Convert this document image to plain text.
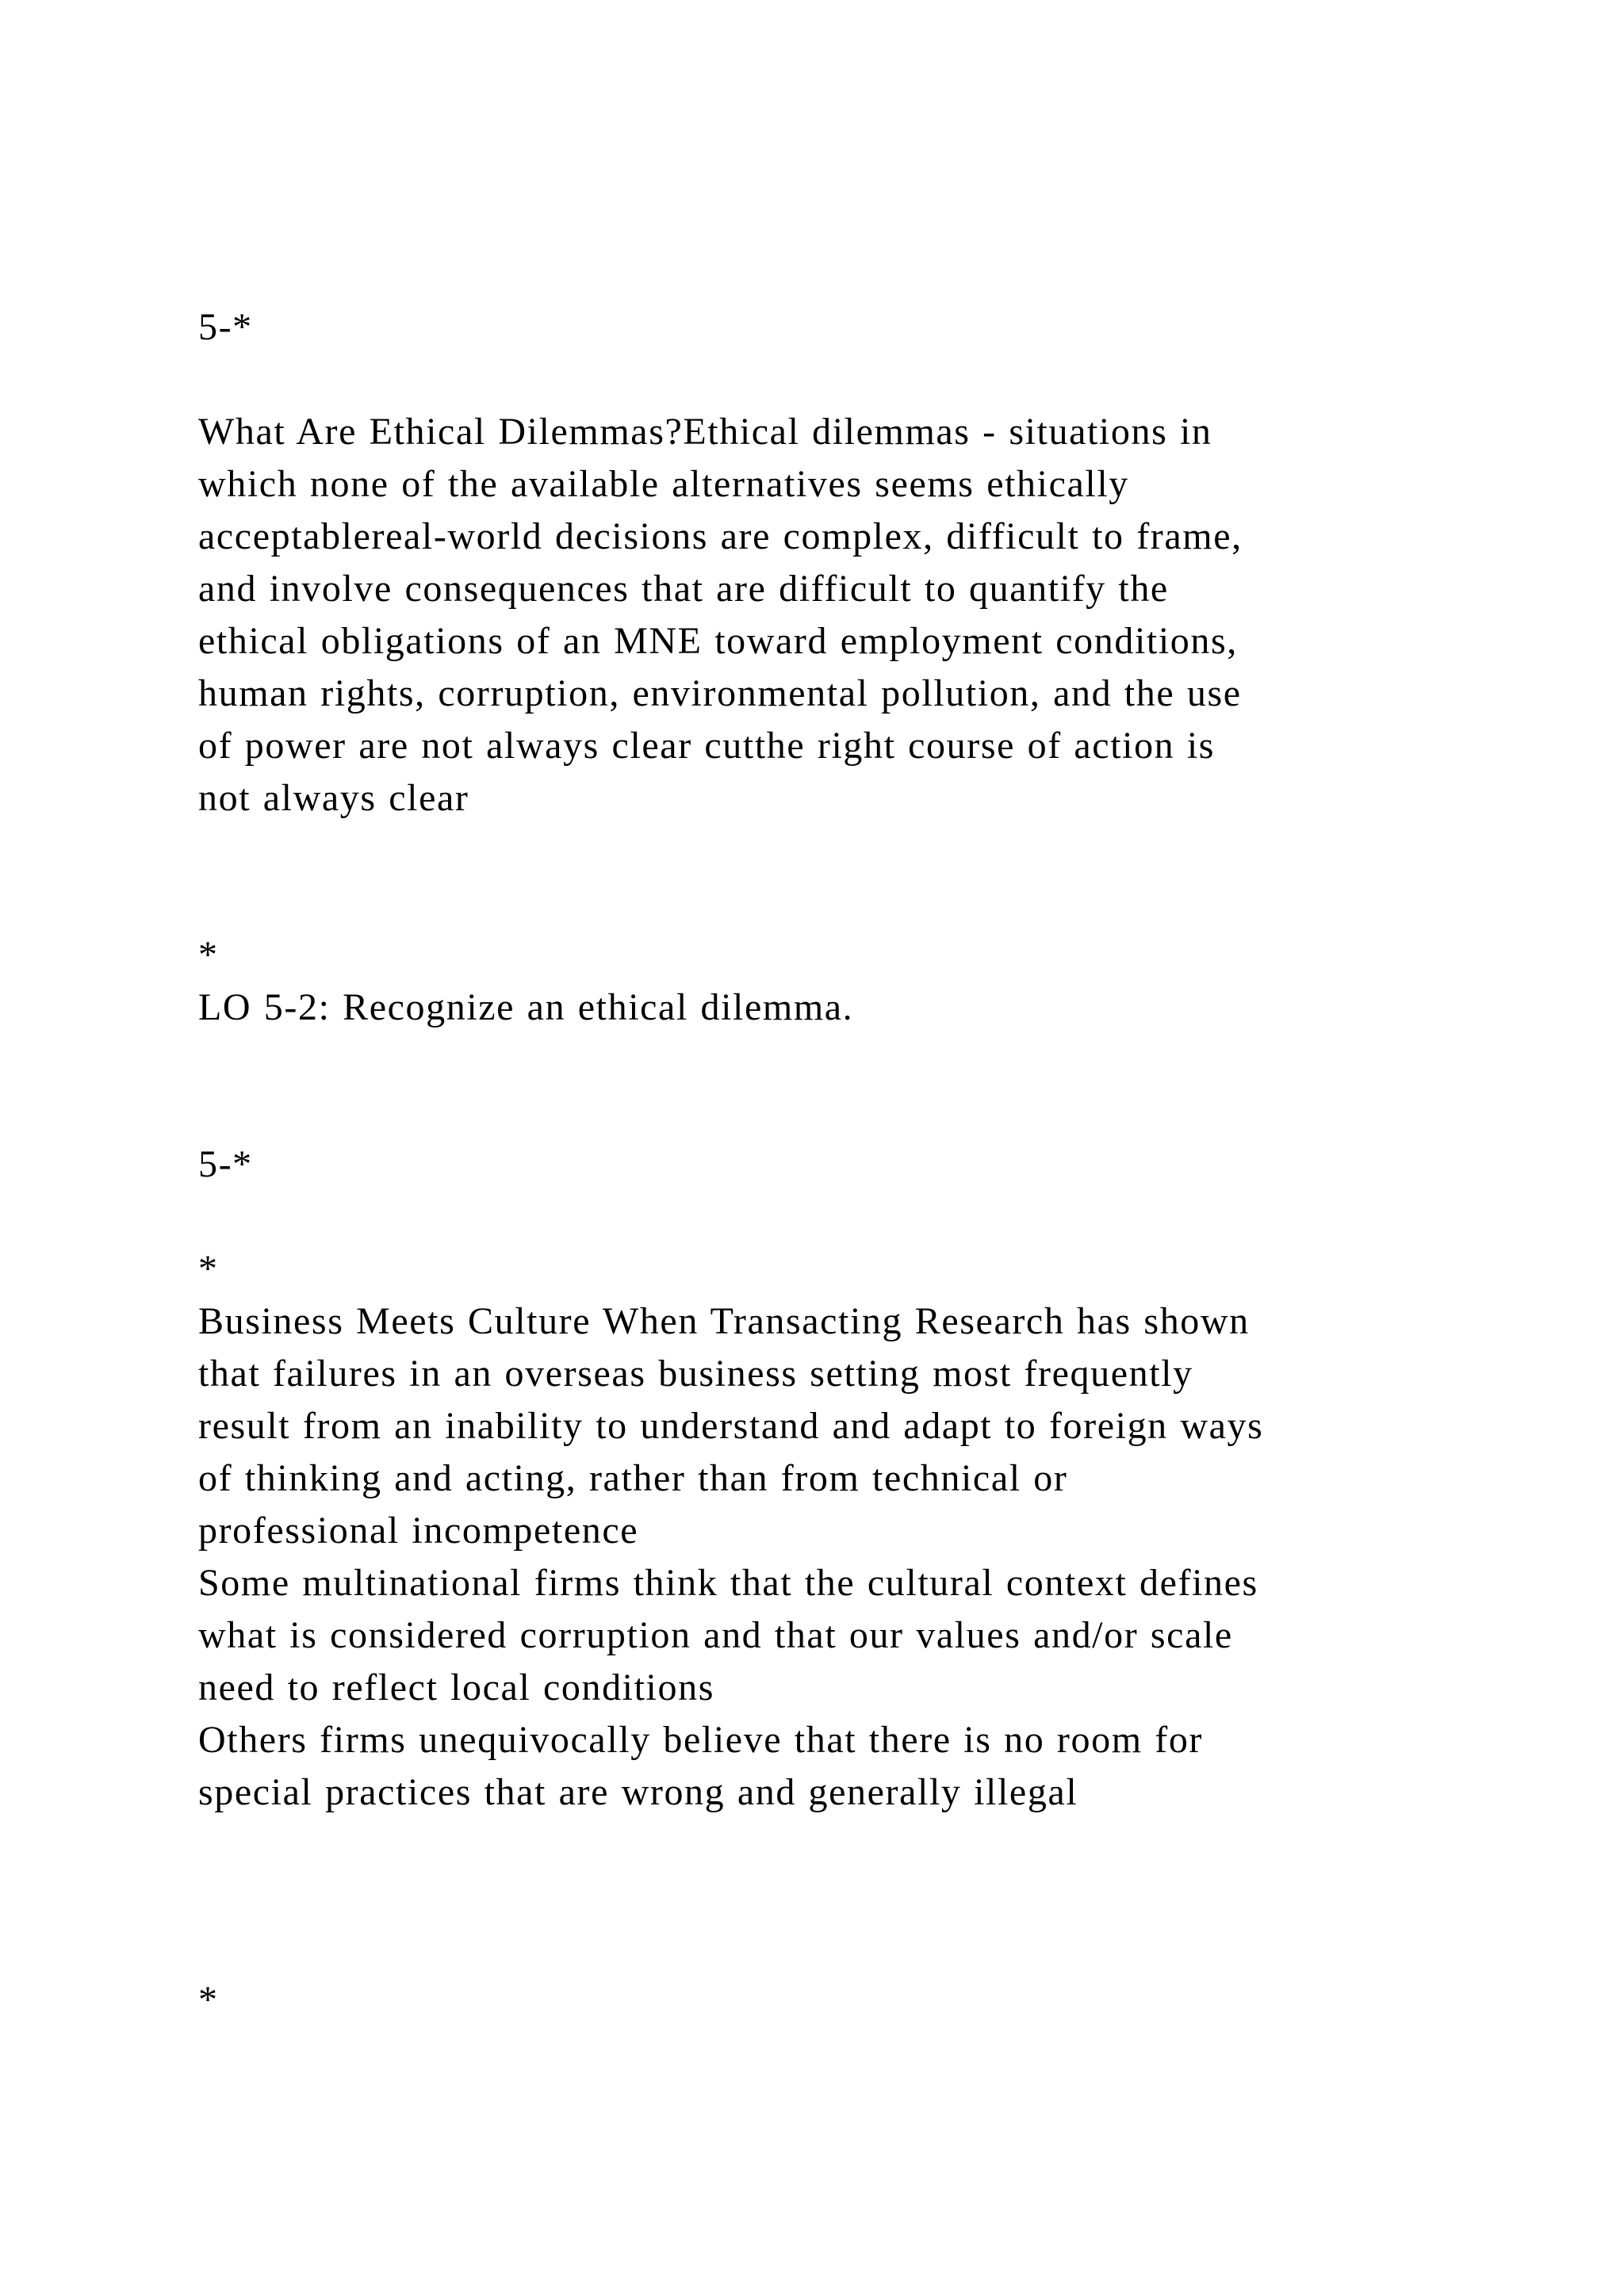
5-*
What Are Ethical Dilemmas?Ethical dilemmas - situations in
which none of the available alternatives seems ethically
acceptablereal-world decisions are complex, difficult to frame,
and involve consequences that are difficult to quantify the
ethical obligations of an MNE toward employment conditions,
human rights, corruption, environmental pollution, and the use
of power are not always clear cutthe right course of action is
not always clear
*
LO 5-2: Recognize an ethical dilemma.
5-*
*
Business Meets Culture When Transacting Research has shown
that failures in an overseas business setting most frequently
result from an inability to understand and adapt to foreign ways
of thinking and acting, rather than from technical or
professional incompetence
Some multinational firms think that the cultural context defines
what is considered corruption and that our values and/or scale
need to reflect local conditions
Others firms unequivocally believe that there is no room for
special practices that are wrong and generally illegal
*
